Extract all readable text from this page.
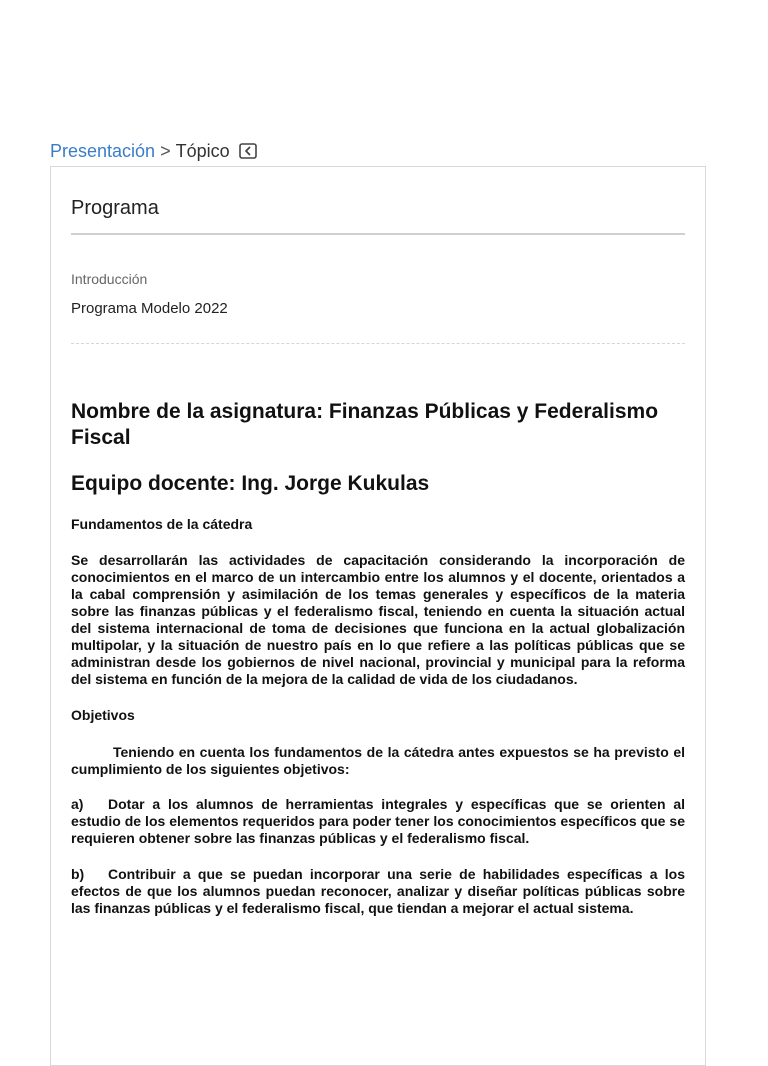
Presentación > Tópico
Programa
Introducción
Programa Modelo 2022
Nombre de la asignatura: Finanzas Públicas y Federalismo Fiscal
Equipo docente: Ing. Jorge Kukulas
Fundamentos de la cátedra

Se desarrollarán las actividades de capacitación considerando la incorporación de conocimientos en el marco de un intercambio entre los alumnos y el docente, orientados a la cabal comprensión y asimilación de los temas generales y específicos de la materia sobre las finanzas públicas y el federalismo fiscal, teniendo en cuenta la situación actual del sistema internacional de toma de decisiones que funciona en la actual globalización multipolar, y la situación de nuestro país en lo que refiere a las políticas públicas que se administran desde los gobiernos de nivel nacional, provincial y municipal para la reforma del sistema en función de la mejora de la calidad de vida de los ciudadanos.

Objetivos

Teniendo en cuenta los fundamentos de la cátedra antes expuestos se ha previsto el cumplimiento de los siguientes objetivos:

a) Dotar a los alumnos de herramientas integrales y específicas que se orienten al estudio de los elementos requeridos para poder tener los conocimientos específicos que se requieren obtener sobre las finanzas públicas y el federalismo fiscal.

b) Contribuir a que se puedan incorporar una serie de habilidades específicas a los efectos de que los alumnos puedan reconocer, analizar y diseñar políticas públicas sobre las finanzas públicas y el federalismo fiscal, que tiendan a mejorar el actual sistema.
